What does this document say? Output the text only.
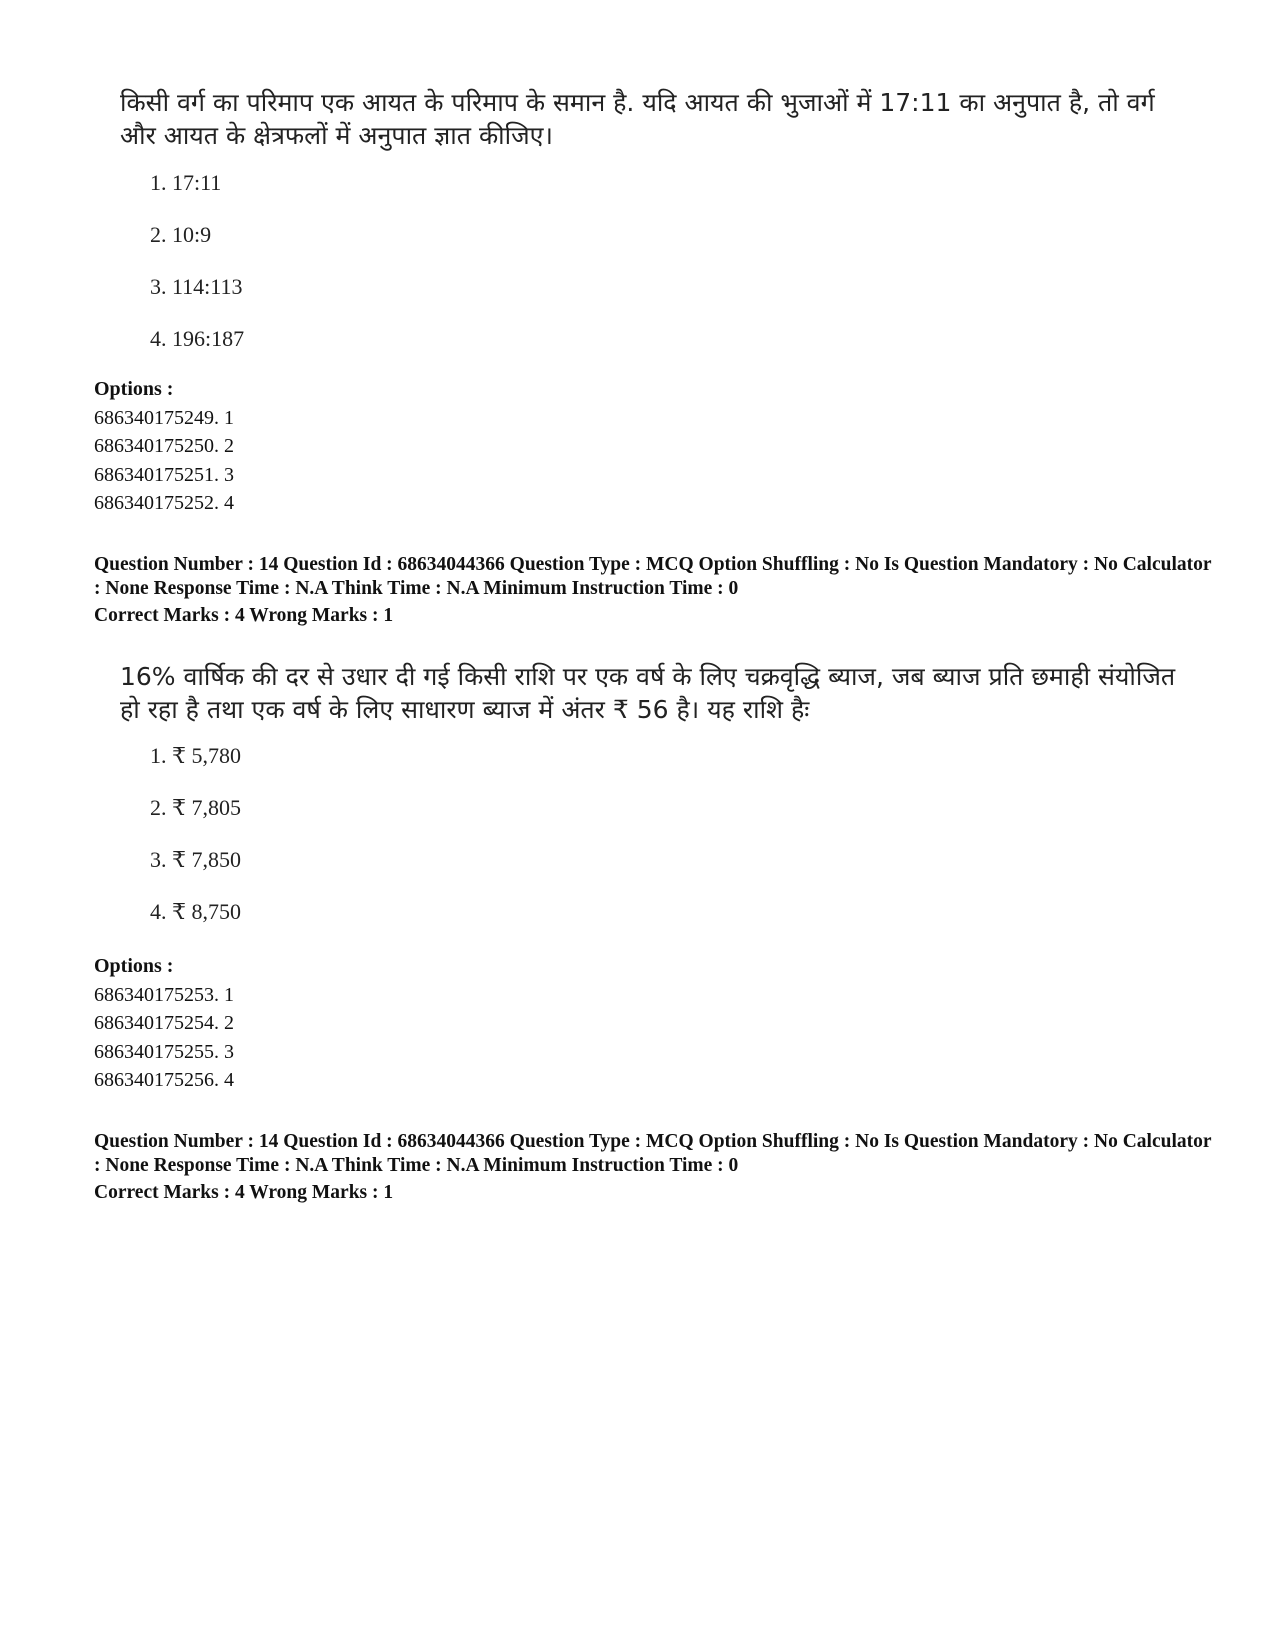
किसी वर्ग का परिमाप एक आयत के परिमाप के समान है. यदि आयत की भुजाओं में 17:11 का अनुपात है, तो वर्ग और आयत के क्षेत्रफलों में अनुपात ज्ञात कीजिए।

1. 17:11
2. 10:9
3. 114:113
4. 196:187
Options :
686340175249. 1
686340175250. 2
686340175251. 3
686340175252. 4

Question Number : 14 Question Id : 68634044366 Question Type : MCQ Option Shuffling : No Is Question Mandatory : No Calculator : None Response Time : N.A Think Time : N.A Minimum Instruction Time : 0

Correct Marks : 4 Wrong Marks : 1

16% वार्षिक की दर से उधार दी गई किसी राशि पर एक वर्ष के लिए चक्रवृद्धि ब्याज, जब ब्याज प्रति छमाही संयोजित हो रहा है तथा एक वर्ष के लिए साधारण ब्याज में अंतर ₹ 56 है। यह राशि हैः

1. ₹ 5,780
2. ₹ 7,805
3. ₹ 7,850
4. ₹ 8,750
Options :
686340175253. 1
686340175254. 2
686340175255. 3
686340175256. 4

Question Number : 14 Question Id : 68634044366 Question Type : MCQ Option Shuffling : No Is Question Mandatory : No Calculator : None Response Time : N.A Think Time : N.A Minimum Instruction Time : 0

Correct Marks : 4 Wrong Marks : 1
